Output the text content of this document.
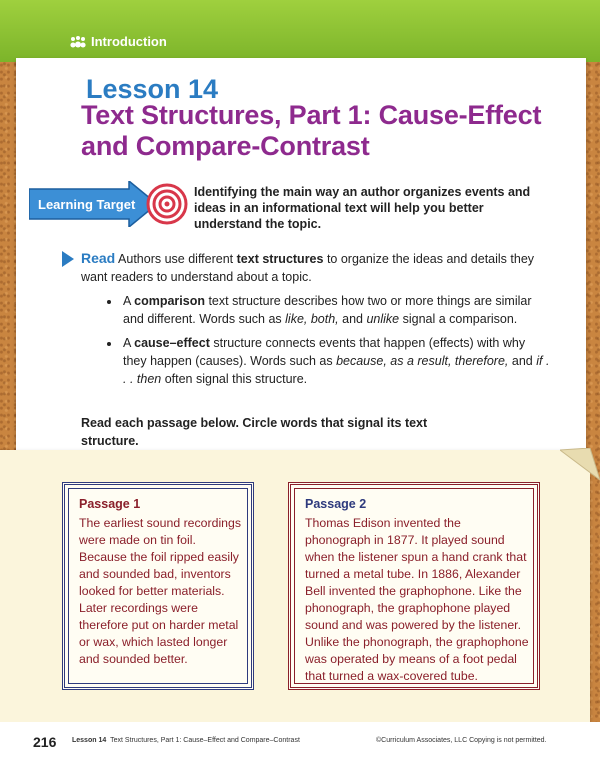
Introduction
Lesson 14
Text Structures, Part 1: Cause-Effect and Compare-Contrast
Learning Target
Identifying the main way an author organizes events and ideas in an informational text will help you better understand the topic.
Read Authors use different text structures to organize the ideas and details they want readers to understand about a topic.
• A comparison text structure describes how two or more things are similar and different. Words such as like, both, and unlike signal a comparison.
• A cause–effect structure connects events that happen (effects) with why they happen (causes). Words such as because, as a result, therefore, and if . . . then often signal this structure.
Read each passage below. Circle words that signal its text structure.
Passage 1
The earliest sound recordings were made on tin foil. Because the foil ripped easily and sounded bad, inventors looked for better materials. Later recordings were therefore put on harder metal or wax, which lasted longer and sounded better.
Passage 2
Thomas Edison invented the phonograph in 1877. It played sound when the listener spun a hand crank that turned a metal tube. In 1886, Alexander Bell invented the graphophone. Like the phonograph, the graphophone played sound and was powered by the listener. Unlike the phonograph, the graphophone was operated by means of a foot pedal that turned a wax-covered tube.
216 Lesson 14 Text Structures, Part 1: Cause–Effect and Compare–Contrast	©Curriculum Associates, LLC Copying is not permitted.
